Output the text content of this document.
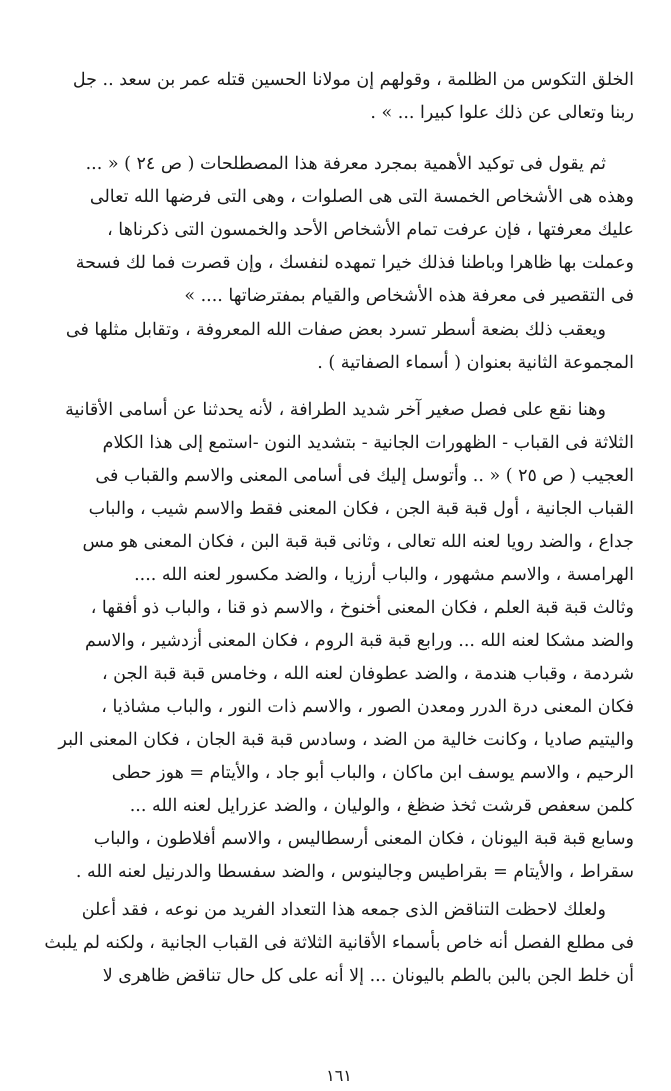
الخلق التكوس من الظلمة ، وقولهم إن مولانا الحسين قتله عمر بن سعد .. جل
ربنا وتعالى عن ذلك علوا كبيرا ... » .

ثم يقول فى توكيد الأهمية بمجرد معرفة هذا المصطلحات ( ص ٢٤ ) « ...
وهذه هى الأشخاص الخمسة التى هى الصلوات ، وهى التى فرضها الله تعالى
عليك معرفتها ، فإن عرفت تمام الأشخاص الأحد والخمسون التى ذكرناها ،
وعملت بها ظاهرا وباطنا فذلك خيرا تمهده لنفسك ، وإن قصرت فما لك فسحة
فى التقصير فى معرفة هذه الأشخاص والقيام بمفترضاتها .... »

ويعقب ذلك بضعة أسطر تسرد بعض صفات الله المعروفة ، وتقابل مثلها فى
المجموعة الثانية بعنوان ( أسماء الصفاتية ) .

وهنا نقع على فصل صغير آخر شديد الطرافة ، لأنه يحدثنا عن أسامى الأقانية
الثلاثة فى القباب - الظهورات الجانية - بتشديد النون -استمع إلى هذا الكلام
العجيب ( ص ٢٥ ) « .. وأتوسل إليك فى أسامى المعنى والاسم والقباب فى
القباب الجانية ، أول قبة قبة الجن ، فكان المعنى فقط والاسم شيب ، والباب
جداع ، والضد رويا لعنه الله تعالى ، وثانى قبة قبة البن ، فكان المعنى هو مس
الهرامسة ، والاسم مشهور ، والباب أرزيا ، والضد مكسور لعنه الله ....
وثالث قبة قبة العلم ، فكان المعنى أخنوخ ، والاسم ذو قنا ، والباب ذو أفقها ،
والضد مشكا لعنه الله ... ورابع قبة قبة الروم ، فكان المعنى أزدشير ، والاسم
شردمة ، وقباب هندمة ، والضد عطوفان لعنه الله ، وخامس قبة قبة الجن ،
فكان المعنى درة الدرر ومعدن الصور ، والاسم ذات النور ، والباب مشاذيا ،
واليتيم صاديا ، وكانت خالية من الضد ، وسادس قبة قبة الجان ، فكان المعنى البر
الرحيم ، والاسم يوسف ابن ماكان ، والباب أبو جاد ، والأيتام = هوز حطى
كلمن سعفص قرشت ثخذ ضظغ ، والوليان ، والضد عزرايل لعنه الله ...
وسابع قبة قبة اليونان ، فكان المعنى أرسطاليس ، والاسم أفلاطون ، والباب
سقراط ، والأيتام = بقراطيس وجالينوس ، والضد سفسطا والدرنيل لعنه الله .

ولعلك لاحظت التناقض الذى جمعه هذا التعداد الفريد من نوعه ، فقد أعلن
فى مطلع الفصل أنه خاص بأسماء الأقانية الثلاثة فى القباب الجانية ، ولكنه لم يلبث
أن خلط الجن بالبن بالطم باليونان ... إلا أنه على كل حال تناقض ظاهرى لا

١٦١
